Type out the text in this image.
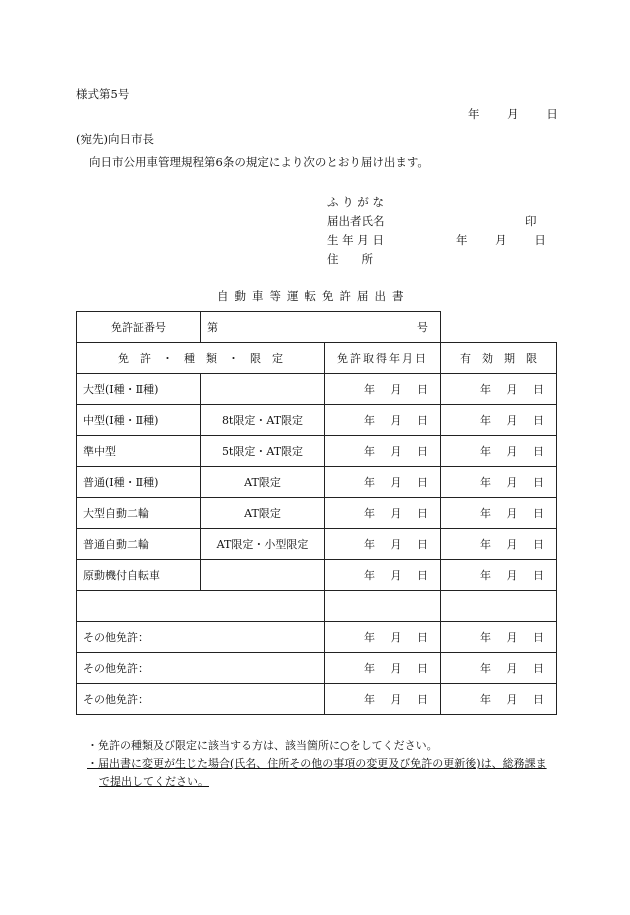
様式第5号
年 月 日
(宛先)向日市長
向日市公用車管理規程第6条の規定により次のとおり届け出ます。
ふ り が な
届出者氏名	印
生 年 月 日	年 月 日
住　　所
自動車等運転免許届出書
免許証番号	第 号		

免　許　・　種　類　・　限　定		免許取得年月日	有　効　期　限
大型(Ⅰ種・Ⅱ種)		年 月 日	年 月 日
中型(Ⅰ種・Ⅱ種)	8t限定・AT限定	年 月 日	年 月 日
準中型	5t限定・AT限定	年 月 日	年 月 日
普通(Ⅰ種・Ⅱ種)	AT限定	年 月 日	年 月 日
大型自動二輪	AT限定	年 月 日	年 月 日
普通自動二輪	AT限定・小型限定	年 月 日	年 月 日
原動機付自転車		年 月 日	年 月 日

その他免許：		年 月 日	年 月 日
その他免許：		年 月 日	年 月 日
その他免許：		年 月 日	年 月 日
・免許の種類及び限定に該当する方は、該当箇所に○をしてください。
・届出書に変更が生じた場合(氏名、住所その他の事項の変更及び免許の更新後)は、総務課まで提出してください。
